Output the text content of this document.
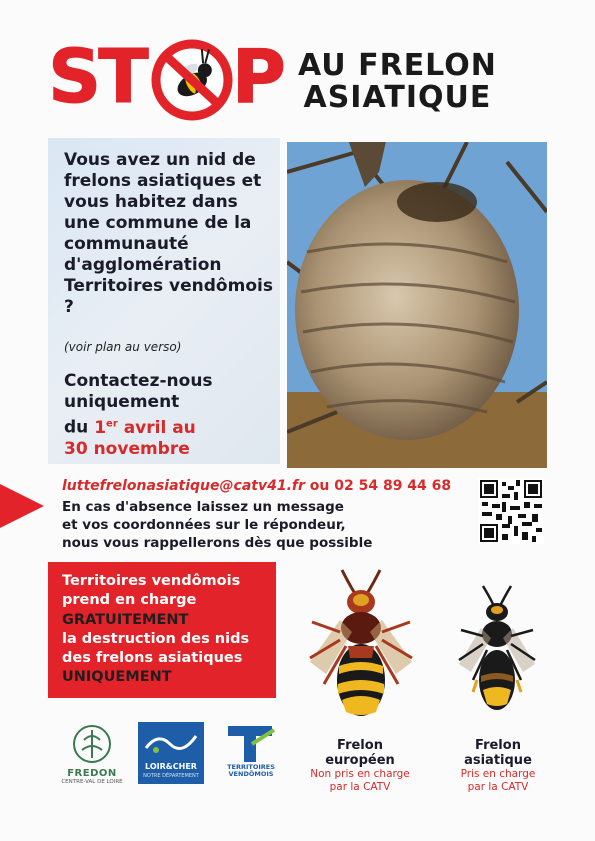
ST P AU FRELON
ASIATIQUE
Vous avez un nid de frelons asiatiques et vous habitez dans une commune de la communauté d'agglomération Territoires vendômois ?
(voir plan au verso)
Contactez-nous uniquement
du 1er avril au
30 novembre
luttefrelonasiatique@catv41.fr ou 02 54 89 44 68
En cas d'absence laissez un message
et vos coordonnées sur le répondeur,
nous vous rappellerons dès que possible
Territoires vendômois
prend en charge
GRATUITEMENT
la destruction des nids
des frelons asiatiques
UNIQUEMENT
Frelon
européen
Non pris en charge
par la CATV
Frelon
asiatique
Pris en charge
par la CATV
FREDON
CENTRE-VAL DE LOIRE
LOIR&CHER
NOTRE DÉPARTEMENT
TERRITOIRES
VENDÔMOIS
